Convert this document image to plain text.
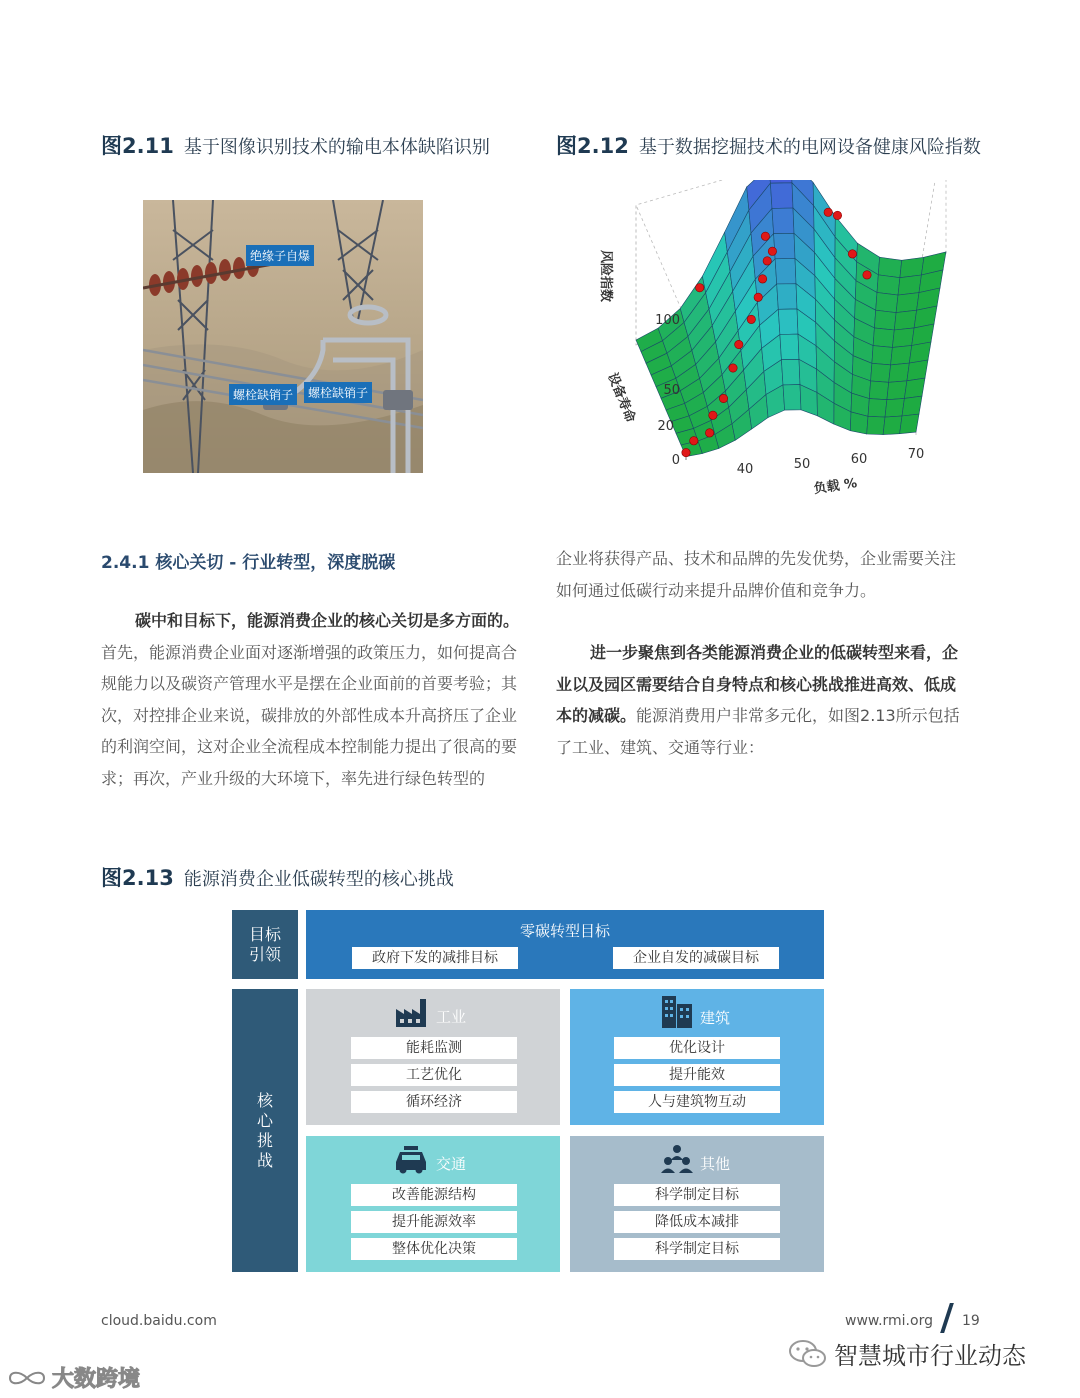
图2.11 基于图像识别技术的输电本体缺陷识别	图2.12 基于数据挖掘技术的电网设备健康风险指数
绝缘子自爆
螺栓缺销子	螺栓缺销子
100
50
0
20
40	50	60	70
风险指数
设备寿命
负载 %
2.4.1 核心关切 - 行业转型，深度脱碳

碳中和目标下，能源消费企业的核心关切是多方面的。首先，能源消费企业面对逐渐增强的政策压力，如何提高合规能力以及碳资产管理水平是摆在企业面前的首要考验；其次，对控排企业来说，碳排放的外部性成本升高挤压了企业的利润空间，这对企业全流程成本控制能力提出了很高的要求；再次，产业升级的大环境下，率先进行绿色转型的

企业将获得产品、技术和品牌的先发优势，企业需要关注如何通过低碳行动来提升品牌价值和竞争力。

进一步聚焦到各类能源消费企业的低碳转型来看，企业以及园区需要结合自身特点和核心挑战推进高效、低成本的减碳。能源消费用户非常多元化，如图2.13所示包括了工业、建筑、交通等行业：

图2.13 能源消费企业低碳转型的核心挑战
目标
引领
零碳转型目标
政府下发的减排目标	企业自发的减碳目标
核
心
挑
战
工业
能耗监测
工艺优化
循环经济
建筑
优化设计
提升能效
人与建筑物互动
交通
改善能源结构
提升能源效率
整体优化决策
其他
科学制定目标
降低成本减排
科学制定目标
cloud.baidu.com	www.rmi.org 19
大数跨境
智慧城市行业动态
